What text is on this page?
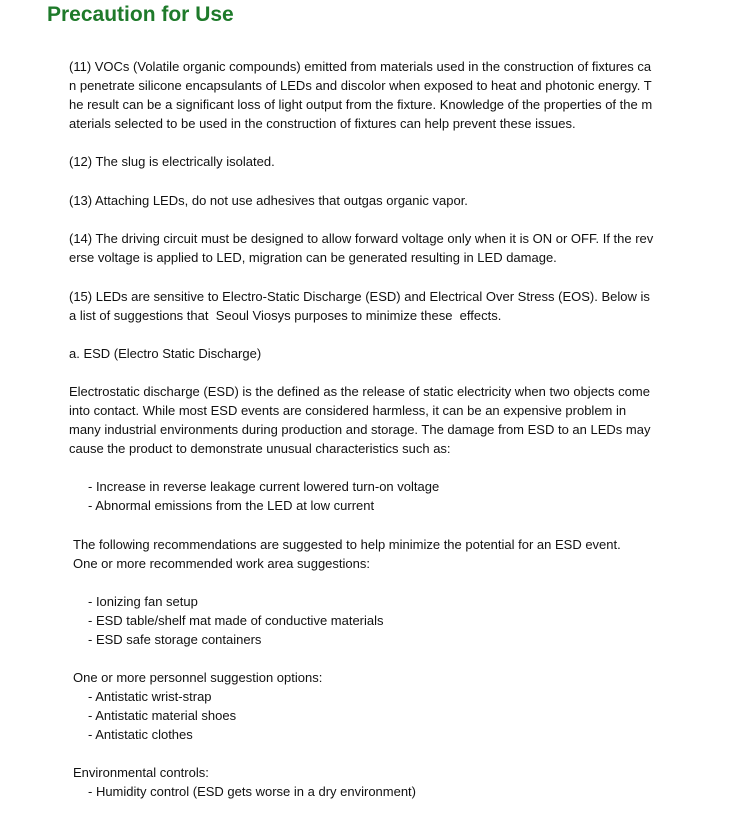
Precaution for Use

(11) VOCs (Volatile organic compounds) emitted from materials used in the construction of fixtures ca

n penetrate silicone encapsulants of LEDs and discolor when exposed to heat and photonic energy. T

he result can be a significant loss of light output from the fixture. Knowledge of the properties of the m

aterials selected to be used in the construction of fixtures can help prevent these issues.

(12) The slug is electrically isolated.

(13) Attaching LEDs, do not use adhesives that outgas organic vapor.

(14) The driving circuit must be designed to allow forward voltage only when it is ON or OFF. If the rev

erse voltage is applied to LED, migration can be generated resulting in LED damage.

(15) LEDs are sensitive to Electro-Static Discharge (ESD) and Electrical Over Stress (EOS). Below is

a list of suggestions that  Seoul Viosys purposes to minimize these  effects.

a. ESD (Electro Static Discharge)

Electrostatic discharge (ESD) is the defined as the release of static electricity when two objects come

into contact. While most ESD events are considered harmless, it can be an expensive problem in

many industrial environments during production and storage. The damage from ESD to an LEDs may

cause the product to demonstrate unusual characteristics such as:

- Increase in reverse leakage current lowered turn-on voltage

- Abnormal emissions from the LED at low current

The following recommendations are suggested to help minimize the potential for an ESD event.

One or more recommended work area suggestions:

- Ionizing fan setup

- ESD table/shelf mat made of conductive materials

- ESD safe storage containers

One or more personnel suggestion options:

- Antistatic wrist-strap

- Antistatic material shoes

- Antistatic clothes

Environmental controls:

- Humidity control (ESD gets worse in a dry environment)
